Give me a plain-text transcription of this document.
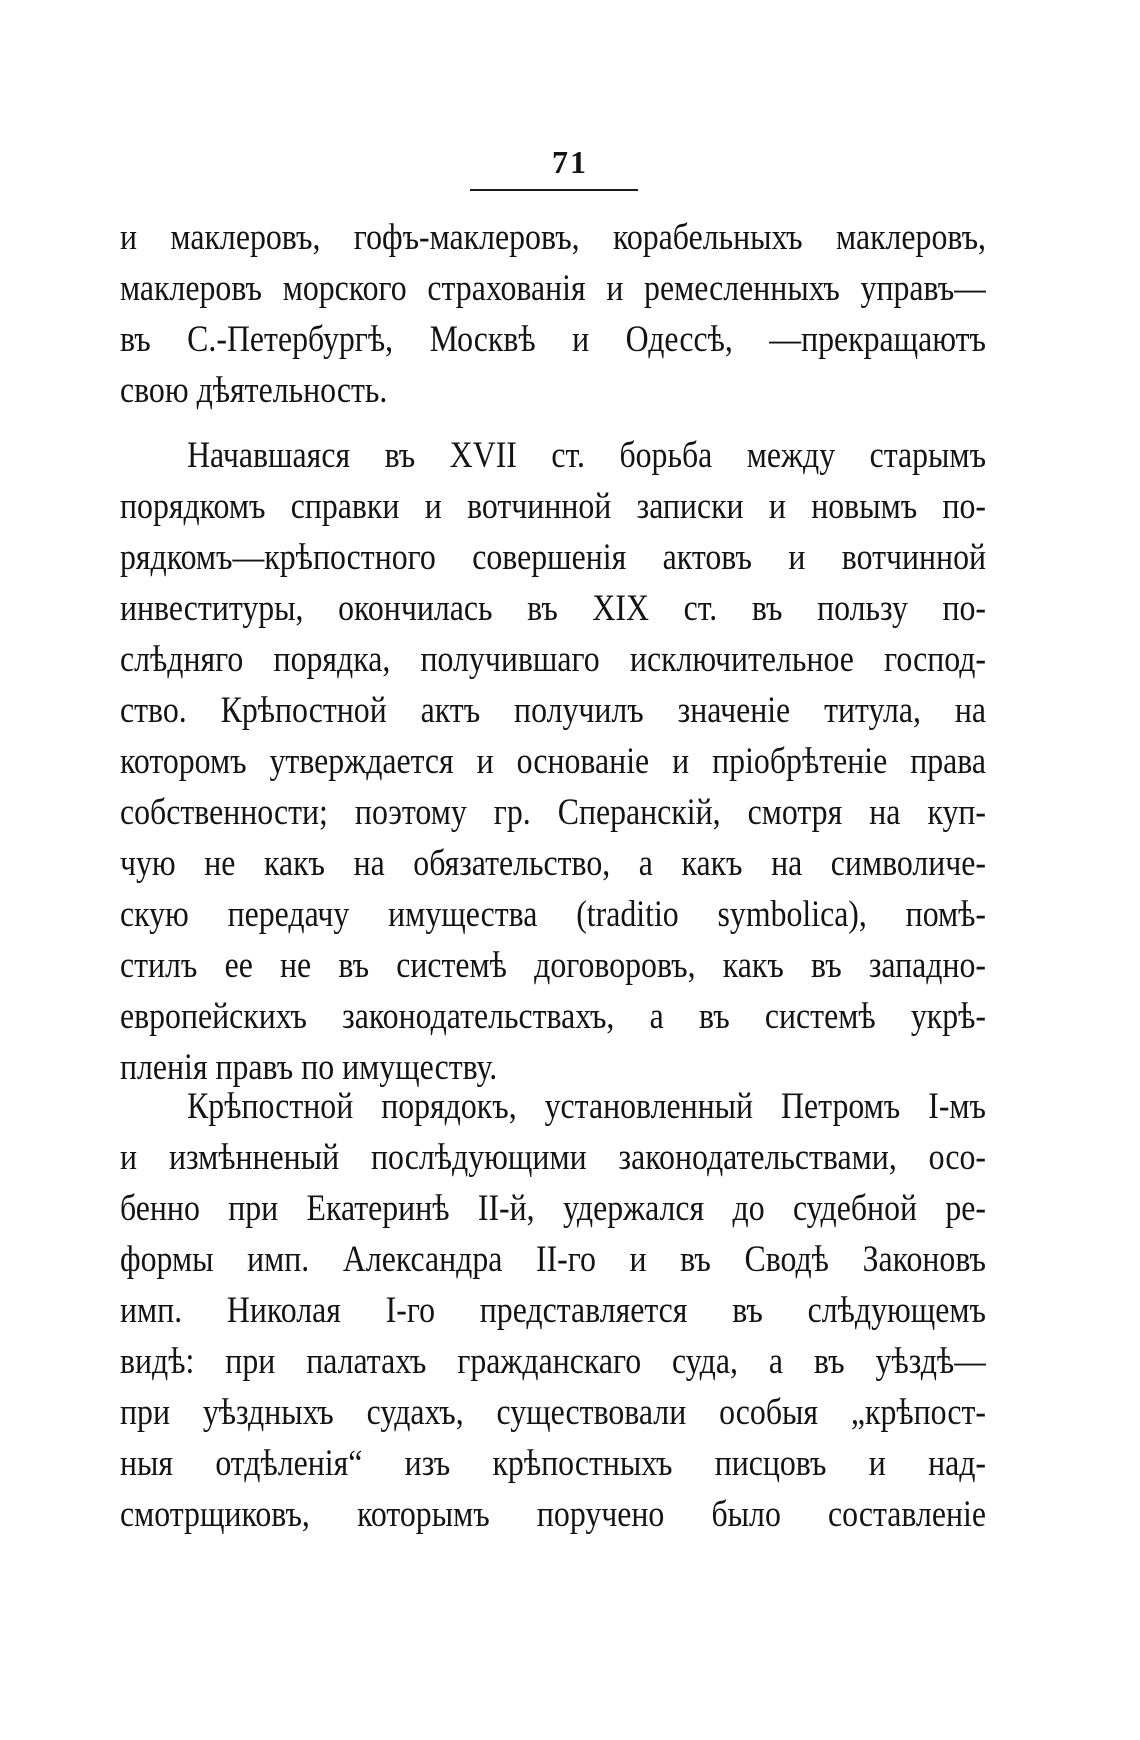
71
и маклеровъ, гофъ-маклеровъ, корабельныхъ маклеровъ,
маклеровъ морского страхованія и ремесленныхъ управъ—
въ С.-Петербургѣ, Москвѣ и Одессѣ, —прекращаютъ
свою дѣятельность.
Начавшаяся въ XVII ст. борьба между старымъ
порядкомъ справки и вотчинной записки и новымъ по-
рядкомъ—крѣпостного совершенія актовъ и вотчинной
инвеституры, окончилась въ XIX ст. въ пользу по-
слѣдняго порядка, получившаго исключительное господ-
ство. Крѣпостной актъ получилъ значеніе титула, на
которомъ утверждается и основаніе и пріобрѣтеніе права
собственности; поэтому гр. Сперанскій, смотря на куп-
чую не какъ на обязательство, а какъ на символиче-
скую передачу имущества (traditio symbolica), помѣ-
стилъ ее не въ системѣ договоровъ, какъ въ западно-
европейскихъ законодательствахъ, а въ системѣ укрѣ-
пленія правъ по имуществу.
Крѣпостной порядокъ, установленный Петромъ I-мъ
и измѣнненый послѣдующими законодательствами, осо-
бенно при Екатеринѣ II-й, удержался до судебной ре-
формы имп. Александра II-го и въ Сводѣ Законовъ
имп. Николая I-го представляется въ слѣдующемъ
видѣ: при палатахъ гражданскаго суда, а въ уѣздѣ—
при уѣздныхъ судахъ, существовали особыя „крѣпост-
ныя отдѣленія“ изъ крѣпостныхъ писцовъ и над-
смотрщиковъ, которымъ поручено было составленіе
